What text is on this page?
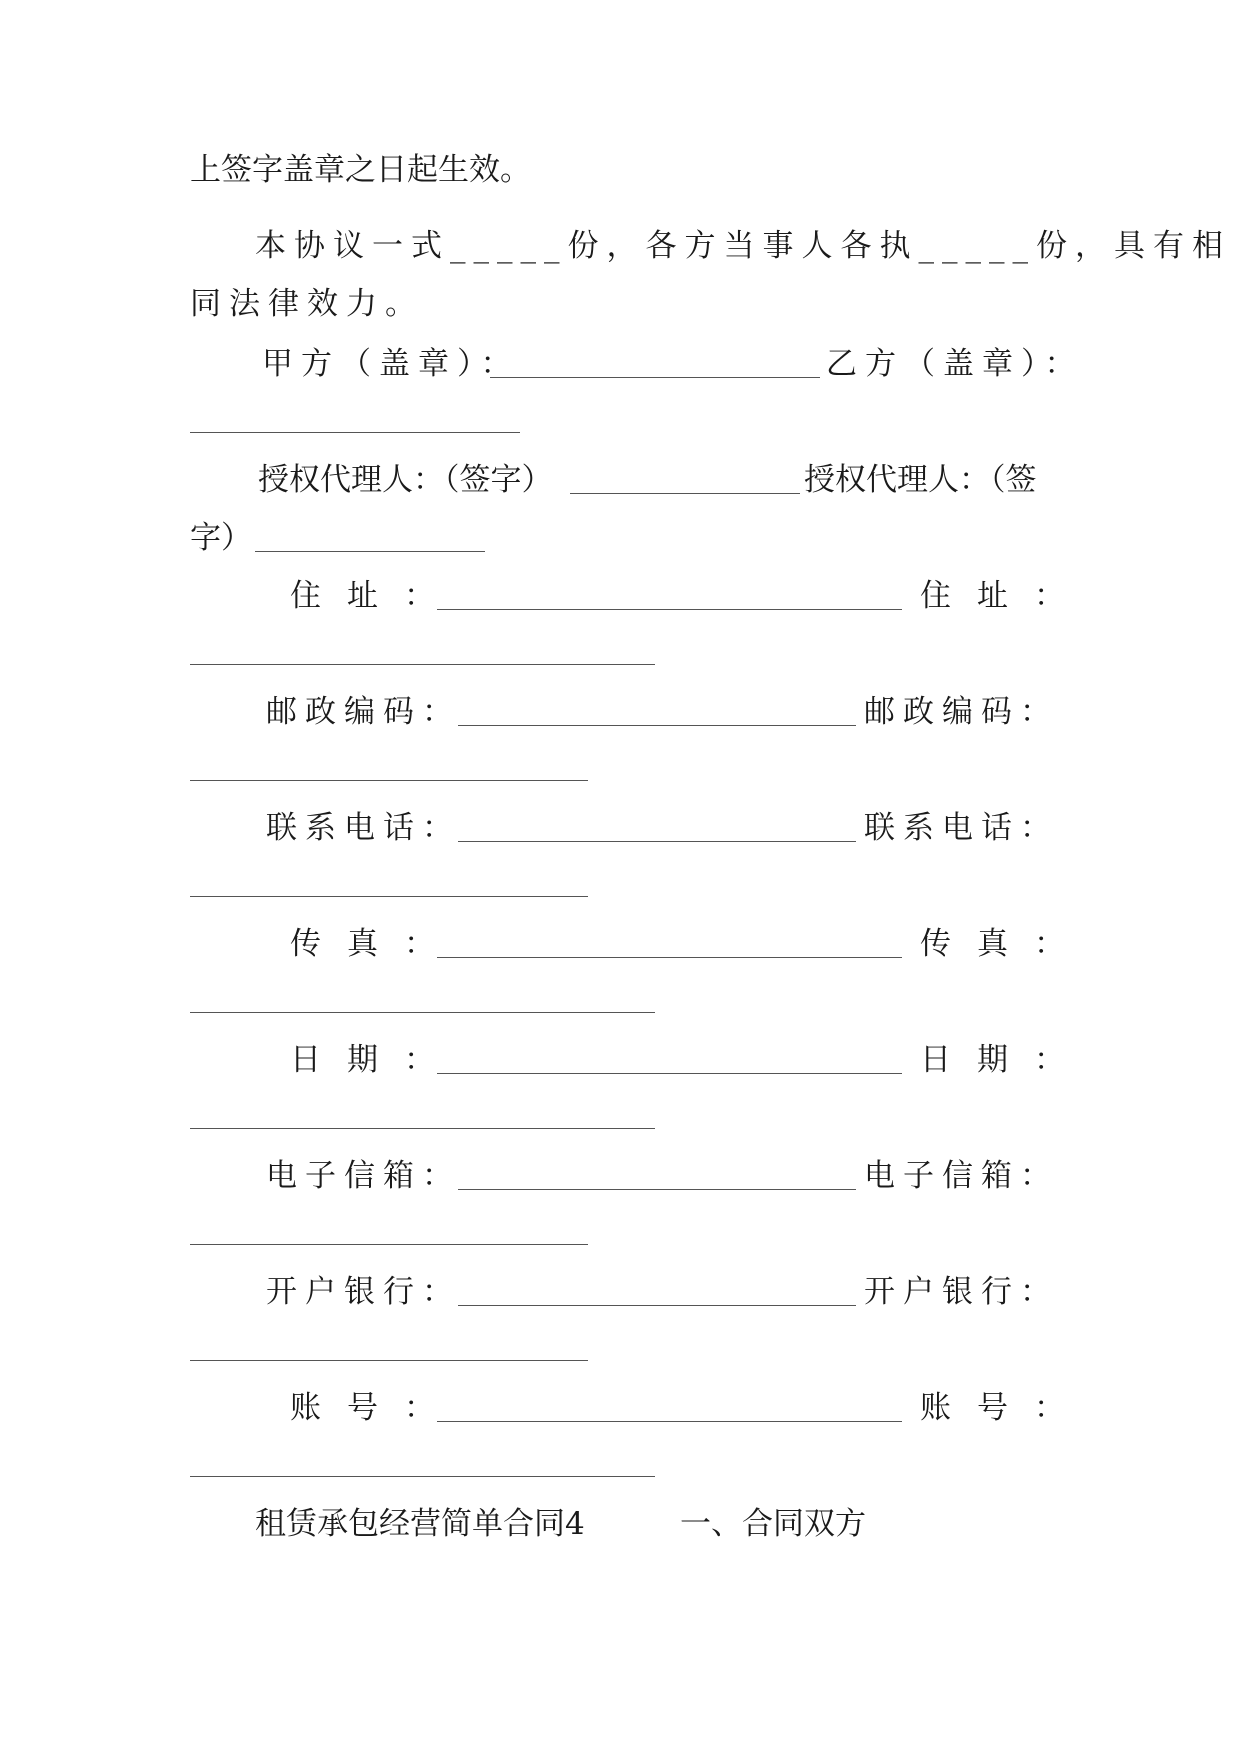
上签字盖章之日起生效。
本协议一式_____份，各方当事人各执_____份，具有相
同法律效力。
甲方（盖章）：	乙方（盖章）：
授权代理人：（签字）	授权代理人：（签
字）
住址：	住址：
邮政编码：	邮政编码：
联系电话：	联系电话：
传真：	传真：
日期：	日期：
电子信箱：	电子信箱：
开户银行：	开户银行：
账号：	账号：
租赁承包经营简单合同4	一、合同双方
